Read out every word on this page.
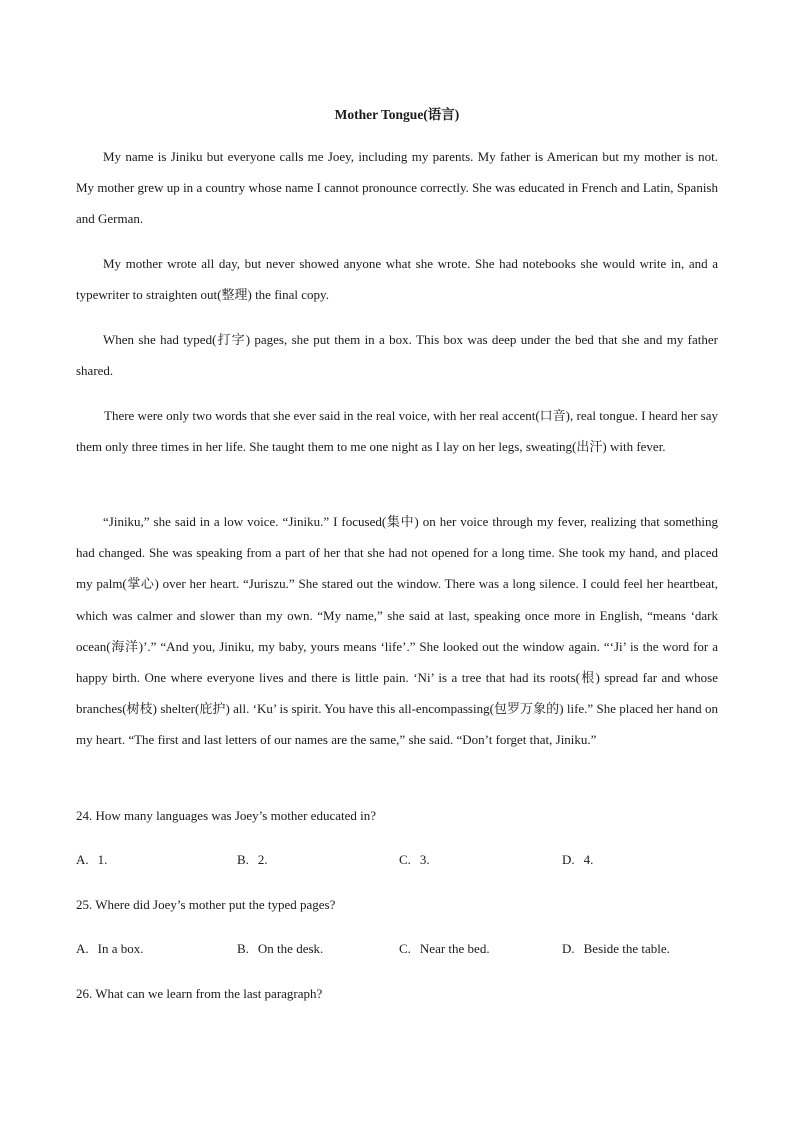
Mother Tongue(语言)

My name is Jiniku but everyone calls me Joey, including my parents. My father is American but my mother is not. My mother grew up in a country whose name I cannot pronounce correctly. She was educated in French and Latin, Spanish and German.

My mother wrote all day, but never showed anyone what she wrote. She had notebooks she would write in, and a typewriter to straighten out(整理) the final copy.

When she had typed(打字) pages, she put them in a box. This box was deep under the bed that she and my father shared.

There were only two words that she ever said in the real voice, with her real accent(口音), real tongue. I heard her say them only three times in her life. She taught them to me one night as I lay on her legs, sweating(出汗) with fever.

“Jiniku,” she said in a low voice. “Jiniku.” I focused(集中) on her voice through my fever, realizing that something had changed. She was speaking from a part of her that she had not opened for a long time. She took my hand, and placed my palm(掌心) over her heart. “Juriszu.” She stared out the window. There was a long silence. I could feel her heartbeat, which was calmer and slower than my own. “My name,” she said at last, speaking once more in English, “means ‘dark ocean(海洋)’.” “And you, Jiniku, my baby, yours means ‘life’.” She looked out the window again. “‘Ji’ is the word for a happy birth. One where everyone lives and there is little pain. ‘Ni’ is a tree that had its roots(根) spread far and whose branches(树枝) shelter(庇护) all. ‘Ku’ is spirit. You have this all-encompassing(包罗万象的) life.” She placed her hand on my heart. “The first and last letters of our names are the same,” she said. “Don’t forget that, Jiniku.”

24. How many languages was Joey’s mother educated in?
A. 1.	B. 2.	C. 3.	D. 4.
25. Where did Joey’s mother put the typed pages?
A. In a box.	B. On the desk.	C. Near the bed.	D. Beside the table.
26. What can we learn from the last paragraph?
